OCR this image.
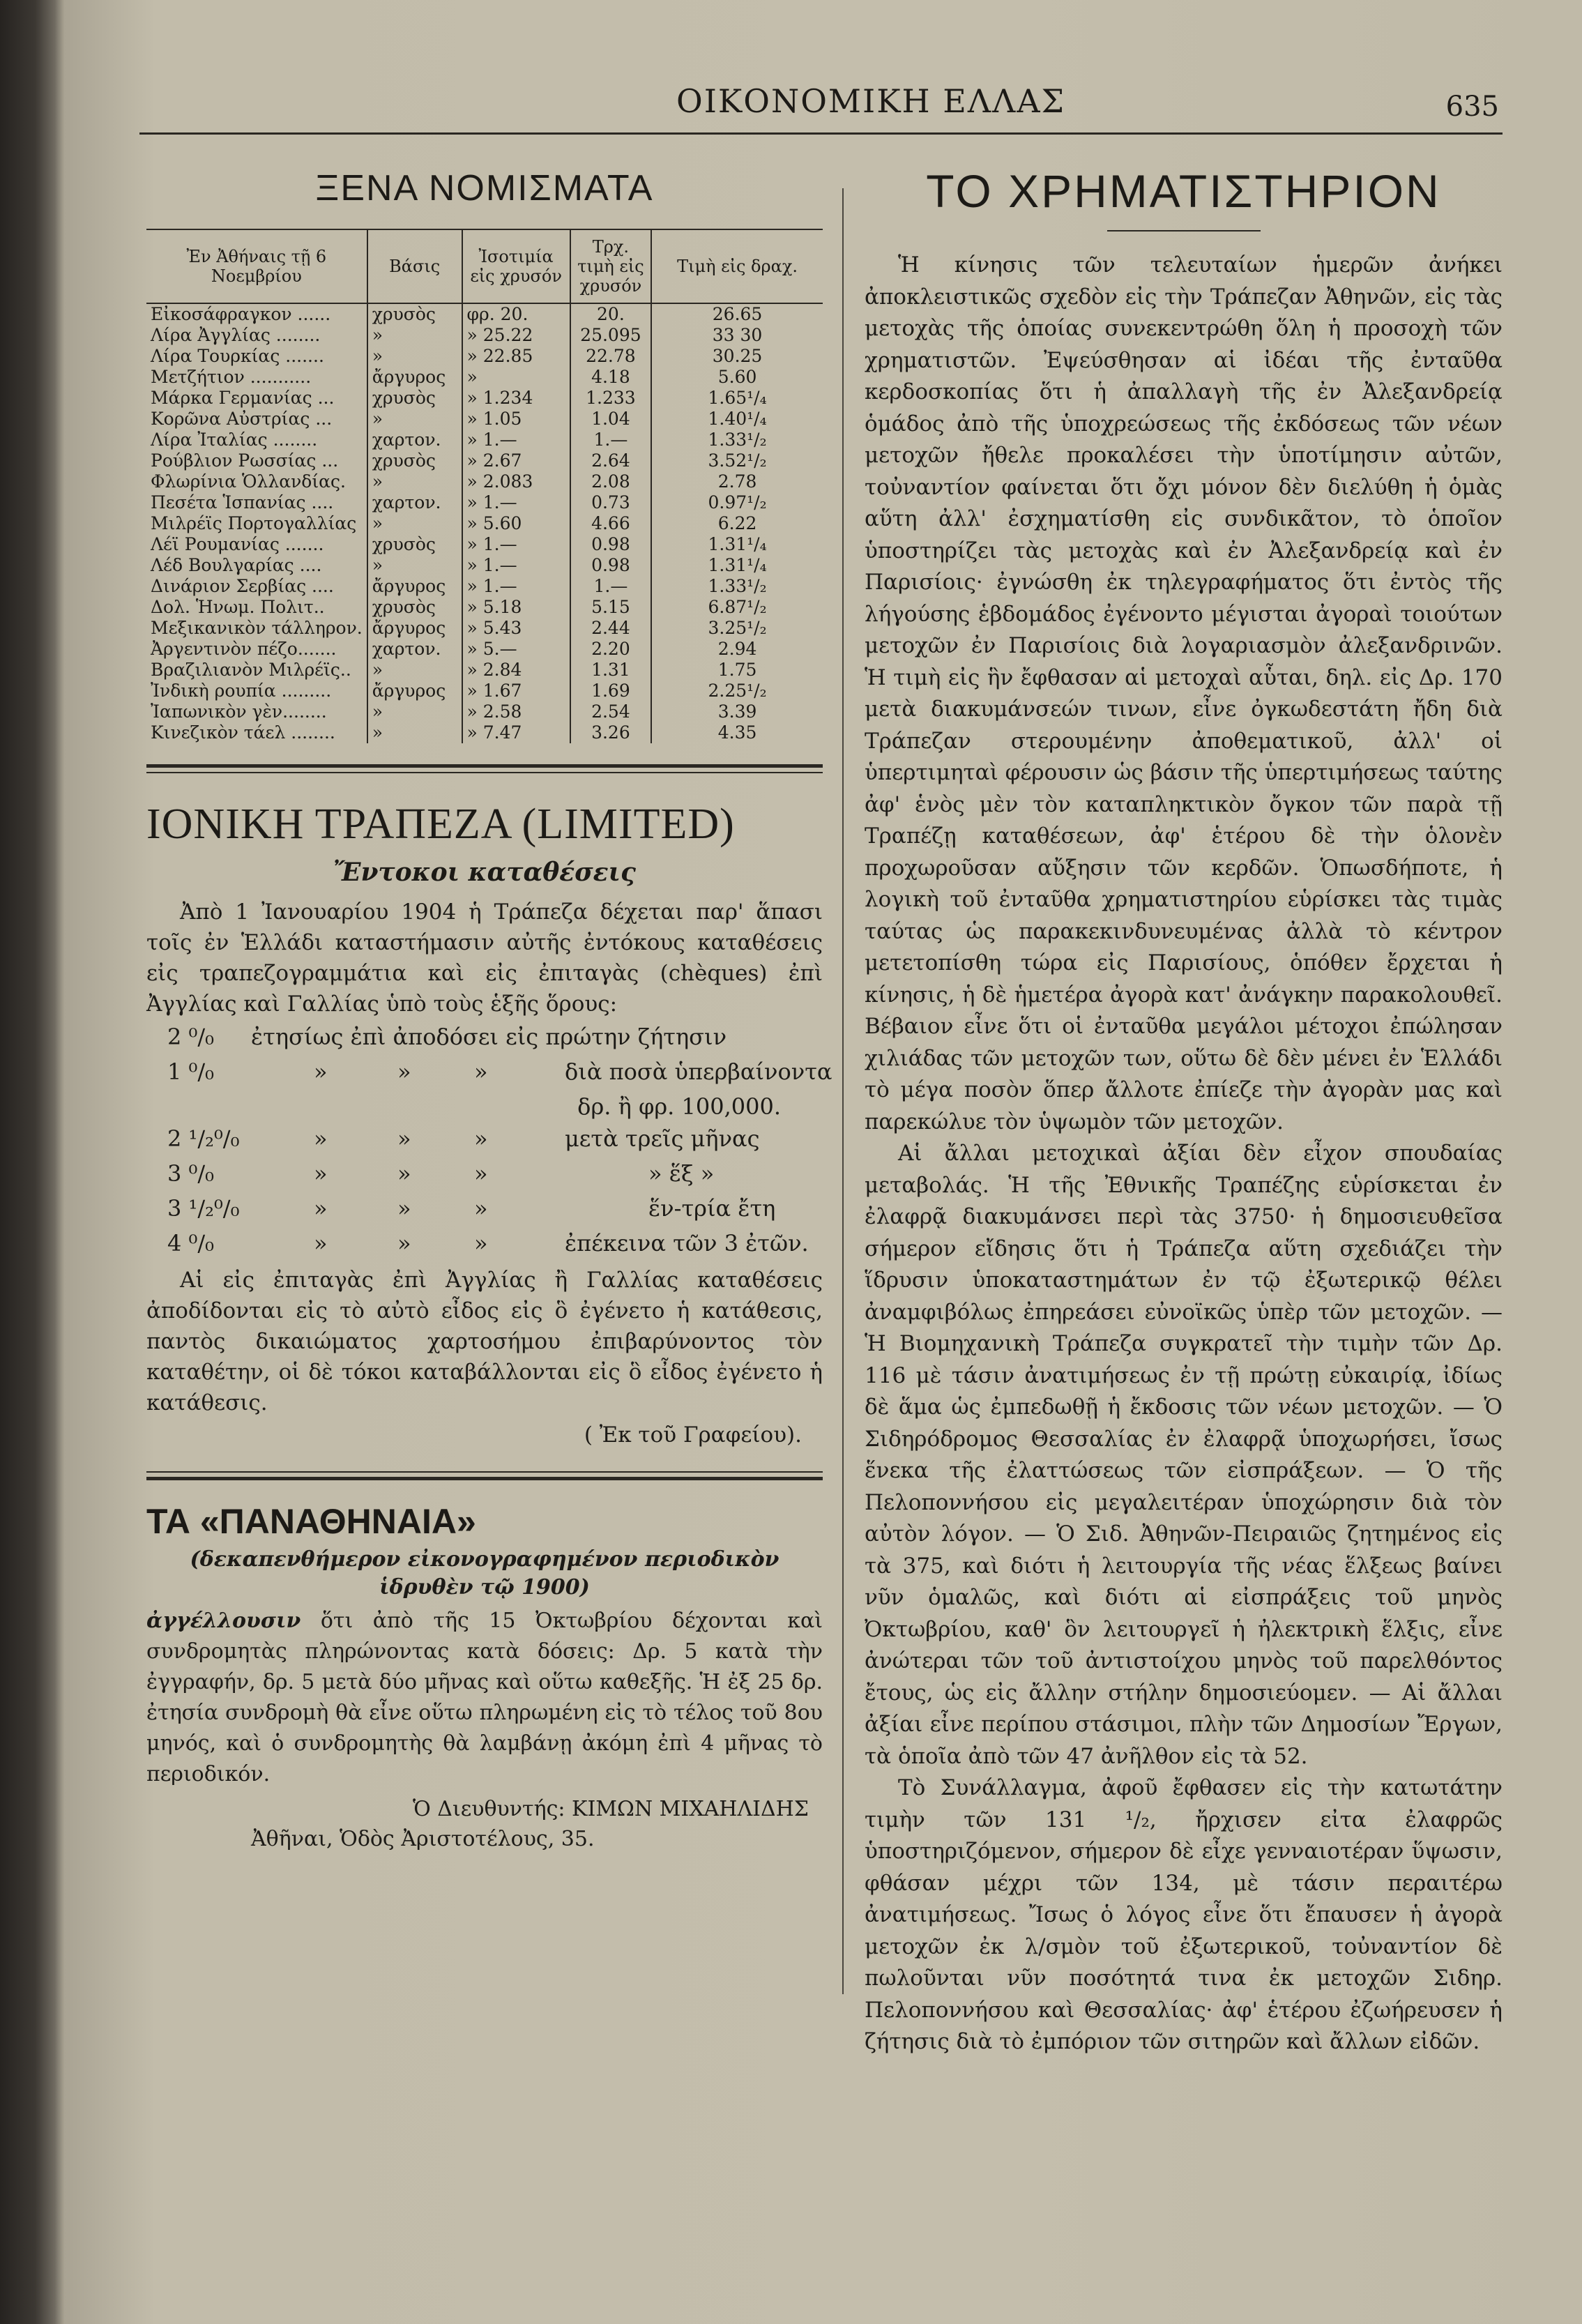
ΟΙΚΟΝΟΜΙΚΗ ΕΛΛΑΣ	635
ΞΕΝΑ ΝΟΜΙΣΜΑΤΑ
Ἐν Ἀθήναις τῇ 6 Νοεμβρίου	Βάσις	Ἰσοτιμία εἰς χρυσόν	Τρχ. τιμὴ εἰς χρυσόν	Τιμὴ εἰς δραχ.
Εἰκοσάφραγκον ......	χρυσὸς	φρ. 20.	20.	26.65
Λίρα Ἀγγλίας ........	»	» 25.22	25.095	33 30
Λίρα Τουρκίας .......	»	» 22.85	22.78	30.25
Μετζήτιον ...........	ἄργυρος	»	4.18	5.60
Μάρκα Γερμανίας ...	χρυσὸς	» 1.234	1.233	1.65¹/₄
Κορῶνα Αὐστρίας ...	»	» 1.05	1.04	1.40¹/₄
Λίρα Ἰταλίας ........	χαρτον.	» 1.—	1.—	1.33¹/₂
Ρούβλιον Ρωσσίας ...	χρυσὸς	» 2.67	2.64	3.52¹/₂
Φλωρίνια Ὁλλανδίας.	»	» 2.083	2.08	2.78
Πεσέτα Ἱσπανίας ....	χαρτον.	» 1.—	0.73	0.97¹/₂
Μιλρέϊς Πορτογαλλίας	»	» 5.60	4.66	6.22
Λέϊ Ρουμανίας .......	χρυσὸς	» 1.—	0.98	1.31¹/₄
Λέδ Βουλγαρίας ....	»	» 1.—	0.98	1.31¹/₄
Δινάριον Σερβίας ....	ἄργυρος	» 1.—	1.—	1.33¹/₂
Δολ. Ἡνωμ. Πολιτ..	χρυσὸς	» 5.18	5.15	6.87¹/₂
Μεξικανικὸν τάλληρον.	ἄργυρος	» 5.43	2.44	3.25¹/₂
Ἀργεντινὸν πέζο.......	χαρτον.	» 5.—	2.20	2.94
Βραζιλιανὸν Μιλρέϊς..	»	» 2.84	1.31	1.75
Ἰνδικὴ ρουπία .........	ἄργυρος	» 1.67	1.69	2.25¹/₂
Ἰαπωνικὸν γὲν........	»	» 2.58	2.54	3.39
Κινεζικὸν τάελ ........	»	» 7.47	3.26	4.35
ΙΟΝΙΚΗ ΤΡΑΠΕΖΑ (LIMITED)
Ἔντοκοι καταθέσεις
Ἀπὸ 1 Ἰανουαρίου 1904 ἡ Τράπεζα δέχεται παρ' ἅπασι τοῖς ἐν Ἑλλάδι καταστήμασιν αὐτῆς ἐντόκους καταθέσεις εἰς τραπεζογραμμάτια καὶ εἰς ἐπιταγὰς (chèques) ἐπὶ Ἀγγλίας καὶ Γαλλίας ὑπὸ τοὺς ἑξῆς ὅρους:
2 ⁰/₀ ἐτησίως ἐπὶ ἀποδόσει εἰς πρώτην ζήτησιν
1 ⁰/₀	»	»	»	διὰ ποσὰ ὑπερβαίνοντα
δρ. ἢ φρ. 100,000.
2 ¹/₂⁰/₀	»	»	»	μετὰ τρεῖς μῆνας
3 ⁰/₀	»	»	»	» ἕξ »
3 ¹/₂⁰/₀	»	»	»	ἕν-τρία ἔτη
4 ⁰/₀	»	»	»	ἐπέκεινα τῶν 3 ἐτῶν.
Αἱ εἰς ἐπιταγὰς ἐπὶ Ἀγγλίας ἢ Γαλλίας καταθέσεις ἀποδίδονται εἰς τὸ αὐτὸ εἶδος εἰς ὃ ἐγένετο ἡ κατάθεσις, παντὸς δικαιώματος χαρτοσήμου ἐπιβαρύνοντος τὸν καταθέτην, οἱ δὲ τόκοι καταβάλλονται εἰς ὃ εἶδος ἐγένετο ἡ κατάθεσις.
( Ἐκ τοῦ Γραφείου).
ΤΑ «ΠΑΝΑΘΗΝΑΙΑ»
(δεκαπενθήμερον εἰκονογραφημένον περιοδικὸν
ἱδρυθὲν τῷ 1900)
ἀγγέλλουσιν ὅτι ἀπὸ τῆς 15 Ὀκτωβρίου δέχονται καὶ συνδρομητὰς πληρώνοντας κατὰ δόσεις: Δρ. 5 κατὰ τὴν ἐγγραφήν, δρ. 5 μετὰ δύο μῆνας καὶ οὕτω καθεξῆς. Ἡ ἐξ 25 δρ. ἐτησία συνδρομὴ θὰ εἶνε οὕτω πληρωμένη εἰς τὸ τέλος τοῦ 8ου μηνός, καὶ ὁ συνδρομητὴς θὰ λαμβάνῃ ἀκόμη ἐπὶ 4 μῆνας τὸ περιοδικόν.
Ὁ Διευθυντής: ΚΙΜΩΝ ΜΙΧΑΗΛΙΔΗΣ
Ἀθῆναι, Ὁδὸς Ἀριστοτέλους, 35.
ΤΟ ΧΡΗΜΑΤΙΣΤΗΡΙΟΝ
Ἡ κίνησις τῶν τελευταίων ἡμερῶν ἀνήκει ἀποκλειστικῶς σχεδὸν εἰς τὴν Τράπεζαν Ἀθηνῶν, εἰς τὰς μετοχὰς τῆς ὁποίας συνεκεντρώθη ὅλη ἡ προσοχὴ τῶν χρηματιστῶν. Ἐψεύσθησαν αἱ ἰδέαι τῆς ἐνταῦθα κερδοσκοπίας ὅτι ἡ ἀπαλλαγὴ τῆς ἐν Ἀλεξανδρείᾳ ὁμάδος ἀπὸ τῆς ὑποχρεώσεως τῆς ἐκδόσεως τῶν νέων μετοχῶν ἤθελε προκαλέσει τὴν ὑποτίμησιν αὐτῶν, τοὐναντίον φαίνεται ὅτι ὄχι μόνον δὲν διελύθη ἡ ὁμὰς αὕτη ἀλλ' ἐσχηματίσθη εἰς συνδικᾶτον, τὸ ὁποῖον ὑποστηρίζει τὰς μετοχὰς καὶ ἐν Ἀλεξανδρείᾳ καὶ ἐν Παρισίοις· ἐγνώσθη ἐκ τηλεγραφήματος ὅτι ἐντὸς τῆς λήγούσης ἑβδομάδος ἐγένοντο μέγισται ἀγοραὶ τοιούτων μετοχῶν ἐν Παρισίοις διὰ λογαριασμὸν ἀλεξανδρινῶν. Ἡ τιμὴ εἰς ἣν ἔφθασαν αἱ μετοχαὶ αὗται, δηλ. εἰς Δρ. 170 μετὰ διακυμάνσεών τινων, εἶνε ὀγκωδεστάτη ἤδη διὰ Τράπεζαν στερουμένην ἀποθεματικοῦ, ἀλλ' οἱ ὑπερτιμηταὶ φέρουσιν ὡς βάσιν τῆς ὑπερτιμήσεως ταύτης ἀφ' ἑνὸς μὲν τὸν καταπληκτικὸν ὄγκον τῶν παρὰ τῇ Τραπέζῃ καταθέσεων, ἀφ' ἑτέρου δὲ τὴν ὁλονὲν προχωροῦσαν αὔξησιν τῶν κερδῶν. Ὁπωσδήποτε, ἡ λογικὴ τοῦ ἐνταῦθα χρηματιστηρίου εὑρίσκει τὰς τιμὰς ταύτας ὡς παρακεκινδυνευμένας ἀλλὰ τὸ κέντρον μετετοπίσθη τώρα εἰς Παρισίους, ὁπόθεν ἔρχεται ἡ κίνησις, ἡ δὲ ἡμετέρα ἀγορὰ κατ' ἀνάγκην παρακολουθεῖ. Βέβαιον εἶνε ὅτι οἱ ἐνταῦθα μεγάλοι μέτοχοι ἐπώλησαν χιλιάδας τῶν μετοχῶν των, οὕτω δὲ δὲν μένει ἐν Ἑλλάδι τὸ μέγα ποσὸν ὅπερ ἄλλοτε ἐπίεζε τὴν ἀγορὰν μας καὶ παρεκώλυε τὸν ὑψωμὸν τῶν μετοχῶν.
Αἱ ἄλλαι μετοχικαὶ ἀξίαι δὲν εἶχον σπουδαίας μεταβολάς. Ἡ τῆς Ἐθνικῆς Τραπέζης εὑρίσκεται ἐν ἐλαφρᾷ διακυμάνσει περὶ τὰς 3750· ἡ δημοσιευθεῖσα σήμερον εἴδησις ὅτι ἡ Τράπεζα αὕτη σχεδιάζει τὴν ἵδρυσιν ὑποκαταστημάτων ἐν τῷ ἐξωτερικῷ θέλει ἀναμφιβόλως ἐπηρεάσει εὐνοϊκῶς ὑπὲρ τῶν μετοχῶν. — Ἡ Βιομηχανικὴ Τράπεζα συγκρατεῖ τὴν τιμὴν τῶν Δρ. 116 μὲ τάσιν ἀνατιμήσεως ἐν τῇ πρώτῃ εὐκαιρίᾳ, ἰδίως δὲ ἅμα ὡς ἐμπεδωθῇ ἡ ἔκδοσις τῶν νέων μετοχῶν. — Ὁ Σιδηρόδρομος Θεσσαλίας ἐν ἐλαφρᾷ ὑποχωρήσει, ἴσως ἕνεκα τῆς ἐλαττώσεως τῶν εἰσπράξεων. — Ὁ τῆς Πελοποννήσου εἰς μεγαλειτέραν ὑποχώρησιν διὰ τὸν αὐτὸν λόγον. — Ὁ Σιδ. Ἀθηνῶν-Πειραιῶς ζητημένος εἰς τὰ 375, καὶ διότι ἡ λειτουργία τῆς νέας ἕλξεως βαίνει νῦν ὁμαλῶς, καὶ διότι αἱ εἰσπράξεις τοῦ μηνὸς Ὀκτωβρίου, καθ' ὃν λειτουργεῖ ἡ ἠλεκτρικὴ ἕλξις, εἶνε ἀνώτεραι τῶν τοῦ ἀντιστοίχου μηνὸς τοῦ παρελθόντος ἔτους, ὡς εἰς ἄλλην στήλην δημοσιεύομεν. — Αἱ ἄλλαι ἀξίαι εἶνε περίπου στάσιμοι, πλὴν τῶν Δημοσίων Ἔργων, τὰ ὁποῖα ἀπὸ τῶν 47 ἀνῆλθον εἰς τὰ 52.
Τὸ Συνάλλαγμα, ἀφοῦ ἔφθασεν εἰς τὴν κατωτάτην τιμὴν τῶν 131 ¹/₂, ἤρχισεν εἰτα ἐλαφρῶς ὑποστηριζόμενον, σήμερον δὲ εἶχε γενναιοτέραν ὕψωσιν, φθάσαν μέχρι τῶν 134, μὲ τάσιν περαιτέρω ἀνατιμήσεως. Ἴσως ὁ λόγος εἶνε ὅτι ἔπαυσεν ἡ ἀγορὰ μετοχῶν ἐκ λ/σμὸν τοῦ ἐξωτερικοῦ, τοὐναντίον δὲ πωλοῦνται νῦν ποσότητά τινα ἐκ μετοχῶν Σιδηρ. Πελοποννήσου καὶ Θεσσαλίας· ἀφ' ἑτέρου ἐζωήρευσεν ἡ ζήτησις διὰ τὸ ἐμπόριον τῶν σιτηρῶν καὶ ἄλλων εἰδῶν.
